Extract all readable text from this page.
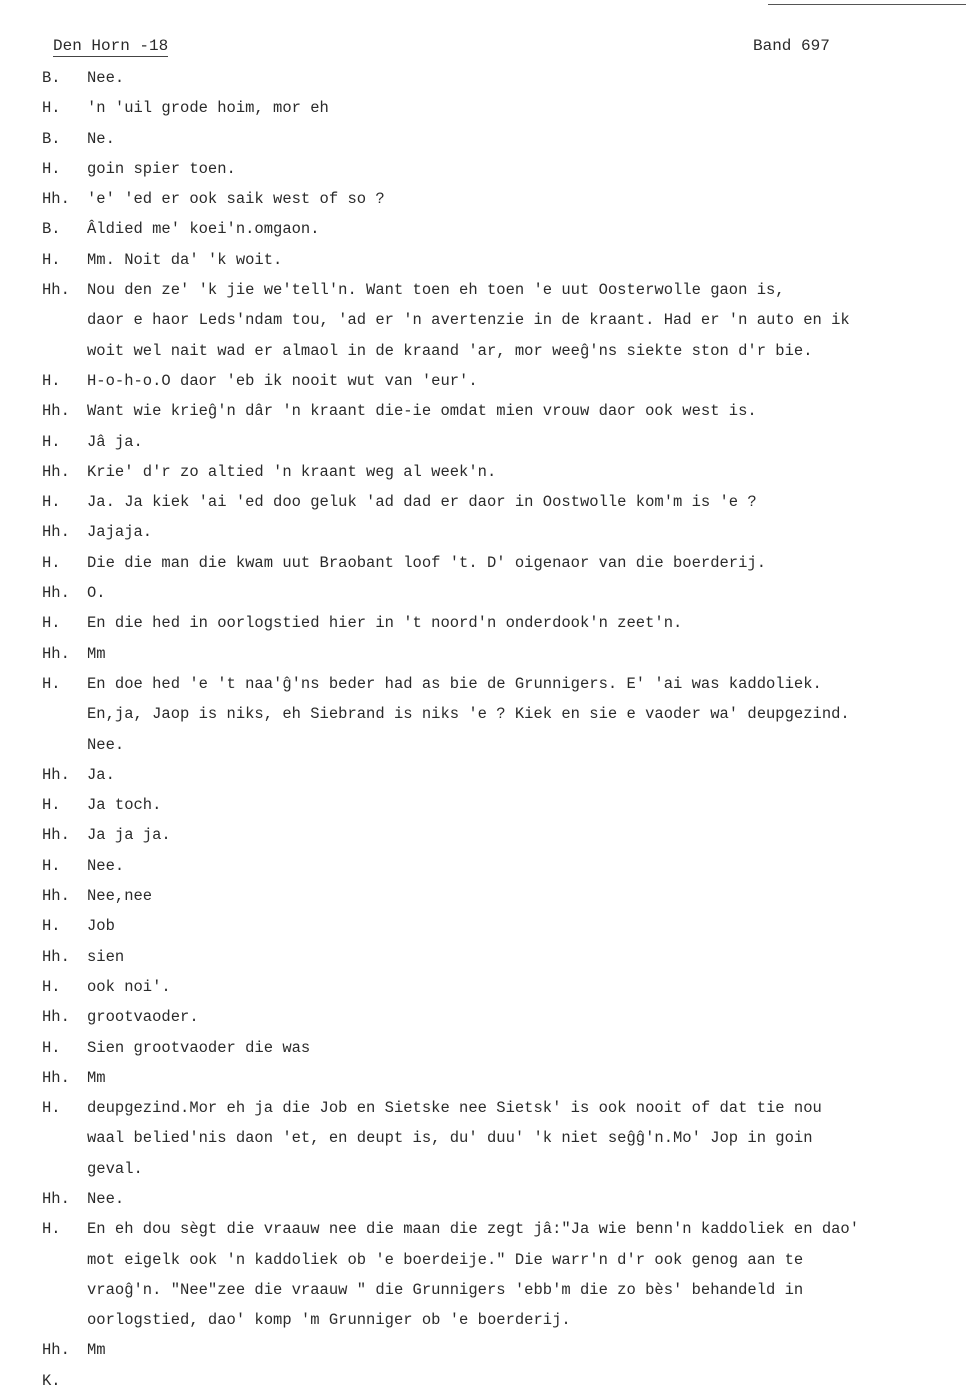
Den Horn -18	Band 697
B. Nee.
H. 'n 'uil grode hoim, mor eh
B. Ne.
H. goin spier toen.
Hh. 'e' 'ed er ook saik west of so ?
B. Âldied me' koei'n.omgaon.
H. Mm. Noit da' 'k woit.
Hh. Nou den ze' 'k jie we'tell'n. Want toen eh toen 'e uut Oosterwolle gaon is,
daor e haor Leds'ndam tou, 'ad er 'n avertenzie in de kraant. Had er 'n auto en ik
woit wel nait wad er almaol in de kraand 'ar, mor weeĝ'ns siekte ston d'r bie.
H. H-o-h-o.O daor 'eb ik nooit wut van 'eur'.
Hh. Want wie krieĝ'n dâr 'n kraant die-ie omdat mien vrouw daor ook west is.
H. Jâ ja.
Hh. Krie' d'r zo altied 'n kraant weg al week'n.
H. Ja. Ja kiek 'ai 'ed doo geluk 'ad dad er daor in Oostwolle kom'm is 'e ?
Hh. Jajaja.
H. Die die man die kwam uut Braobant loof 't. D' oigenaor van die boerderij.
Hh. O.
H. En die hed in oorlogstied hier in 't noord'n onderdook'n zeet'n.
Hh. Mm
H. En doe hed 'e 't naa'ĝ'ns beder had as bie de Grunnigers. E' 'ai was kaddoliek.
En,ja, Jaop is niks, eh Siebrand is niks 'e ? Kiek en sie e vaoder wa' deupgezind.
Nee.
Hh. Ja.
H. Ja toch.
Hh. Ja ja ja.
H. Nee.
Hh. Nee,nee
H. Job
Hh. sien
H. ook noi'.
Hh. grootvaoder.
H. Sien grootvaoder die was
Hh. Mm
H. deupgezind.Mor eh ja die Job en Sietske nee Sietsk' is ook nooit of dat tie nou
waal belied'nis daon 'et, en deupt is, du' duu' 'k niet seĝĝ'n.Mo' Jop in goin
geval.
Hh. Nee.
H. En eh dou sègt die vraauw nee die maan die zegt jâ:"Ja wie benn'n kaddoliek en dao'
mot eigelk ook 'n kaddoliek ob 'e boerdeije." Die warr'n d'r ook genog aan te
vraoĝ'n. "Nee"zee die vraauw " die Grunnigers 'ebb'm die zo bès' behandeld in
oorlogstied, dao' komp 'm Grunniger ob 'e boerderij.
Hh. Mm
K.
